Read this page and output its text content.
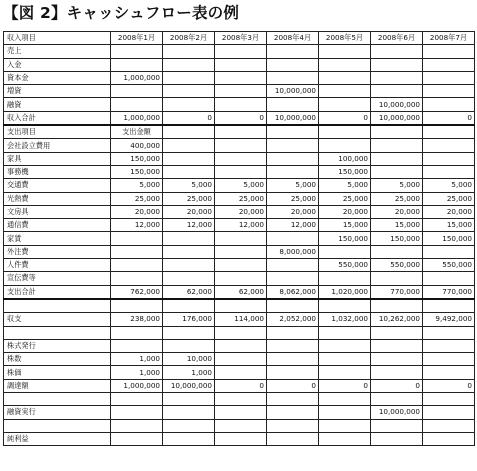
【図 2】キャッシュフロー表の例
収入項目	2008年1月	2008年2月	2008年3月	2008年4月	2008年5月	2008年6月	2008年7月
売上							
入金							
資本金	1,000,000						
増資				10,000,000			
融資						10,000,000	
収入合計	1,000,000	0	0	10,000,000	0	10,000,000	0
支出項目	支出金額						
会社設立費用	400,000						
家具	150,000				100,000		
事務機	150,000				150,000		
交通費	5,000	5,000	5,000	5,000	5,000	5,000	5,000
光熱費	25,000	25,000	25,000	25,000	25,000	25,000	25,000
文房具	20,000	20,000	20,000	20,000	20,000	20,000	20,000
通信費	12,000	12,000	12,000	12,000	15,000	15,000	15,000
家賃					150,000	150,000	150,000
外注費				8,000,000			
人件費					550,000	550,000	550,000
宣伝費等							
支出合計	762,000	62,000	62,000	8,062,000	1,020,000	770,000	770,000

収支	238,000	176,000	114,000	2,052,000	1,032,000	10,262,000	9,492,000

株式発行							
株数	1,000	10,000					
株価	1,000	1,000					
調達額	1,000,000	10,000,000	0	0	0	0	0

融資実行						10,000,000	

純利益							
